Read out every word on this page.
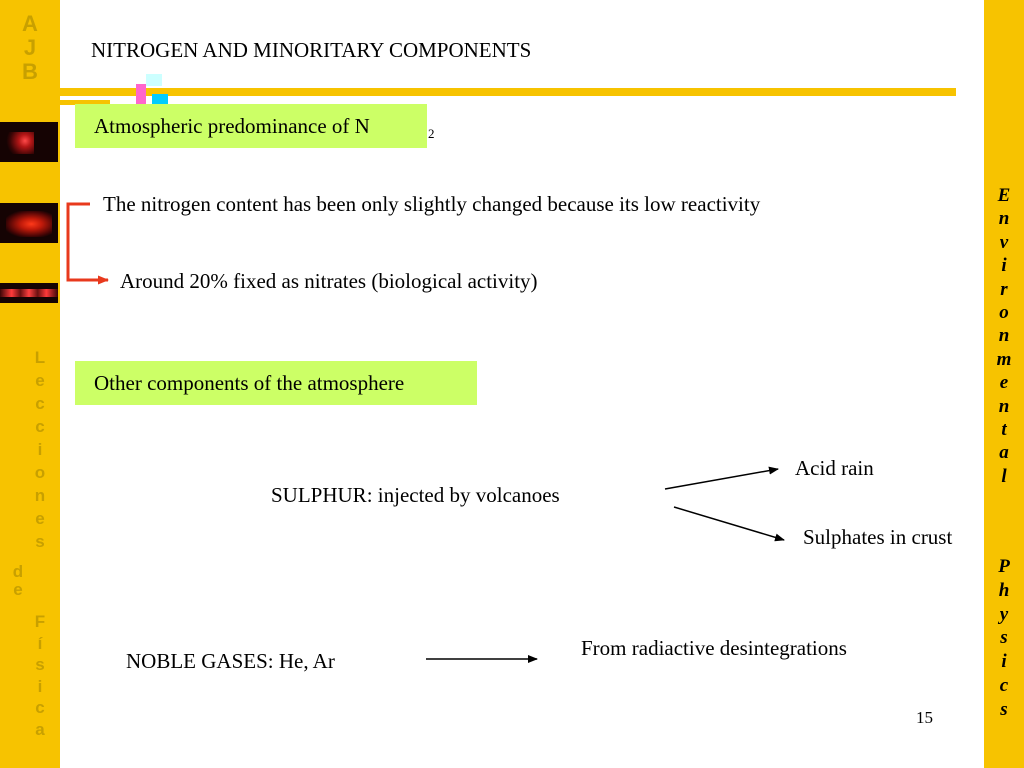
A
J
B
L
e
c
c
i
o
n
e
s
d
e
F
í
s
i
c
a
E
n
v
i
r
o
n
m
e
n
t
a
l
P
h
y
s
i
c
s
NITROGEN AND MINORITARY COMPONENTS
Atmospheric predominance of N	2
The nitrogen content has been only slightly changed because its low reactivity
Around 20% fixed as nitrates (biological activity)
Other components of the atmosphere
SULPHUR: injected by volcanoes
Acid rain
Sulphates in crust
NOBLE GASES: He, Ar
From radiactive desintegrations
15
